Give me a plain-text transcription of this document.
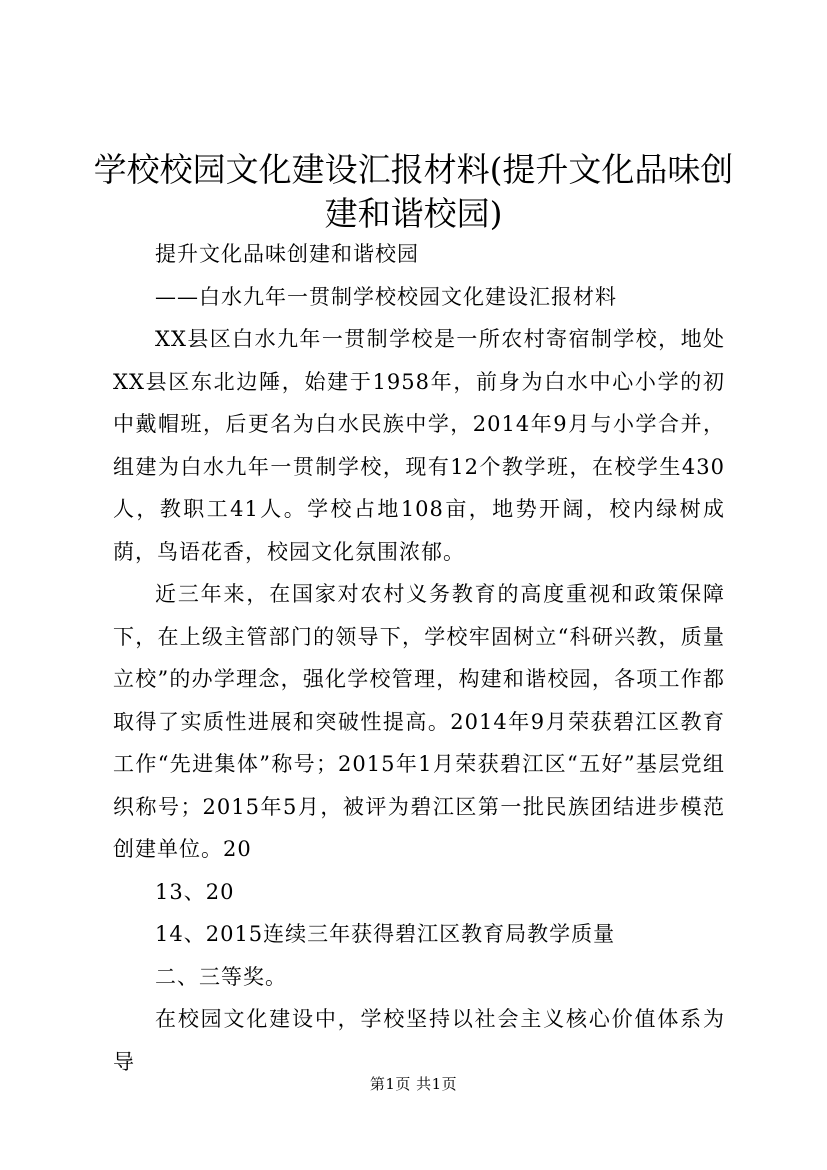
学校校园文化建设汇报材料(提升文化品味创建和谐校园)

提升文化品味创建和谐校园

——白水九年一贯制学校校园文化建设汇报材料

XX县区白水九年一贯制学校是一所农村寄宿制学校，地处XX县区东北边陲，始建于1958年，前身为白水中心小学的初中戴帽班，后更名为白水民族中学，2014年9月与小学合并，组建为白水九年一贯制学校，现有12个教学班，在校学生430人，教职工41人。学校占地108亩，地势开阔，校内绿树成荫，鸟语花香，校园文化氛围浓郁。

近三年来，在国家对农村义务教育的高度重视和政策保障下，在上级主管部门的领导下，学校牢固树立“科研兴教，质量立校”的办学理念，强化学校管理，构建和谐校园，各项工作都取得了实质性进展和突破性提高。2014年9月荣获碧江区教育工作“先进集体”称号；2015年1月荣获碧江区“五好”基层党组织称号；2015年5月，被评为碧江区第一批民族团结进步模范创建单位。20

13、20

14、2015连续三年获得碧江区教育局教学质量

二、三等奖。

在校园文化建设中，学校坚持以社会主义核心价值体系为导

第1页 共1页
